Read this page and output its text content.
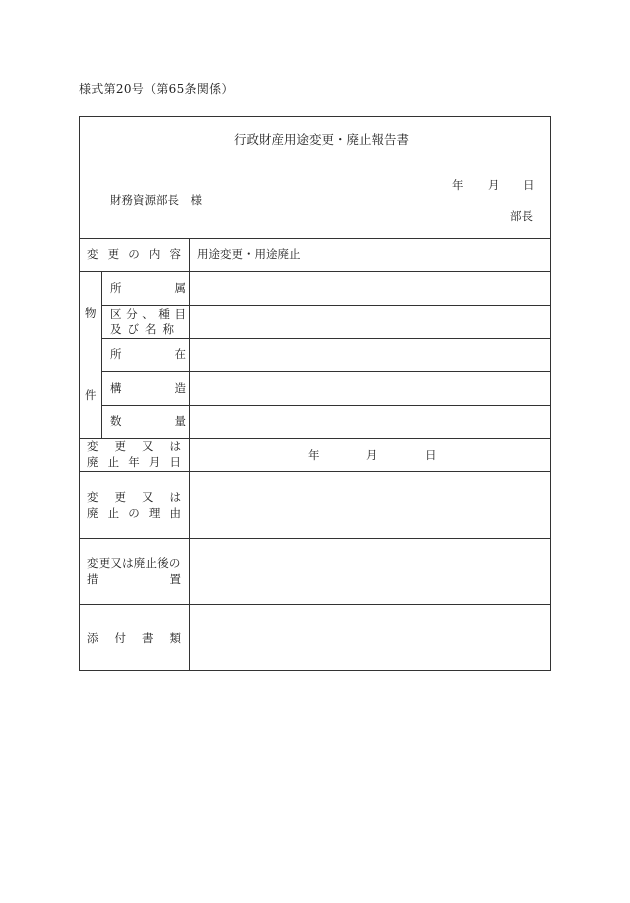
様式第20号（第65条関係）
行政財産用途変更・廃止報告書
年 月 日
財務資源部長　様
部長
変 更 の 内 容 用途変更・用途廃止
物
件
所	属
区 分 、 種 目
及 び 名 称
所	在
構	造
数	量
変 更 又 は
廃 止 年 月 日	年	月	日
変 更 又 は
廃 止 の 理 由
変更又は廃止後の
措	置
添 付 書 類
